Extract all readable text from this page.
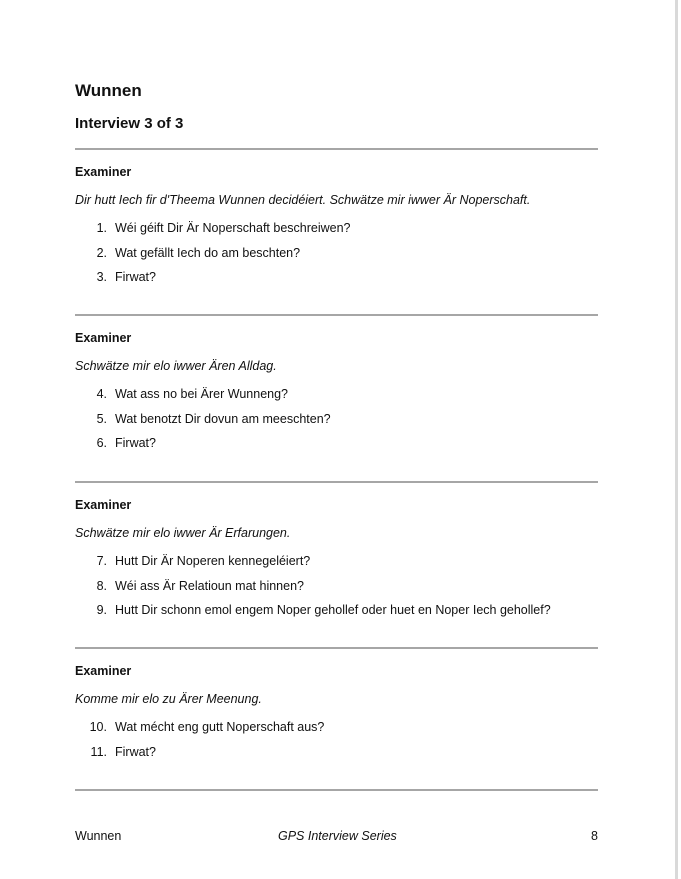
Wunnen
Interview 3 of 3
Examiner
Dir hutt Iech fir d'Theema Wunnen decidéiert. Schwätze mir iwwer Är Noperschaft.
1. Wéi géift Dir Är Noperschaft beschreiwen?
2. Wat gefällt Iech do am beschten?
3. Firwat?
Examiner
Schwätze mir elo iwwer Ären Alldag.
4. Wat ass no bei Ärer Wunneng?
5. Wat benotzt Dir dovun am meeschten?
6. Firwat?
Examiner
Schwätze mir elo iwwer Är Erfarungen.
7. Hutt Dir Är Noperen kennegeléiert?
8. Wéi ass Är Relatioun mat hinnen?
9. Hutt Dir schonn emol engem Noper gehollef oder huet en Noper Iech gehollef?
Examiner
Komme mir elo zu Ärer Meenung.
10. Wat mécht eng gutt Noperschaft aus?
11. Firwat?
Wunnen	GPS Interview Series	8
